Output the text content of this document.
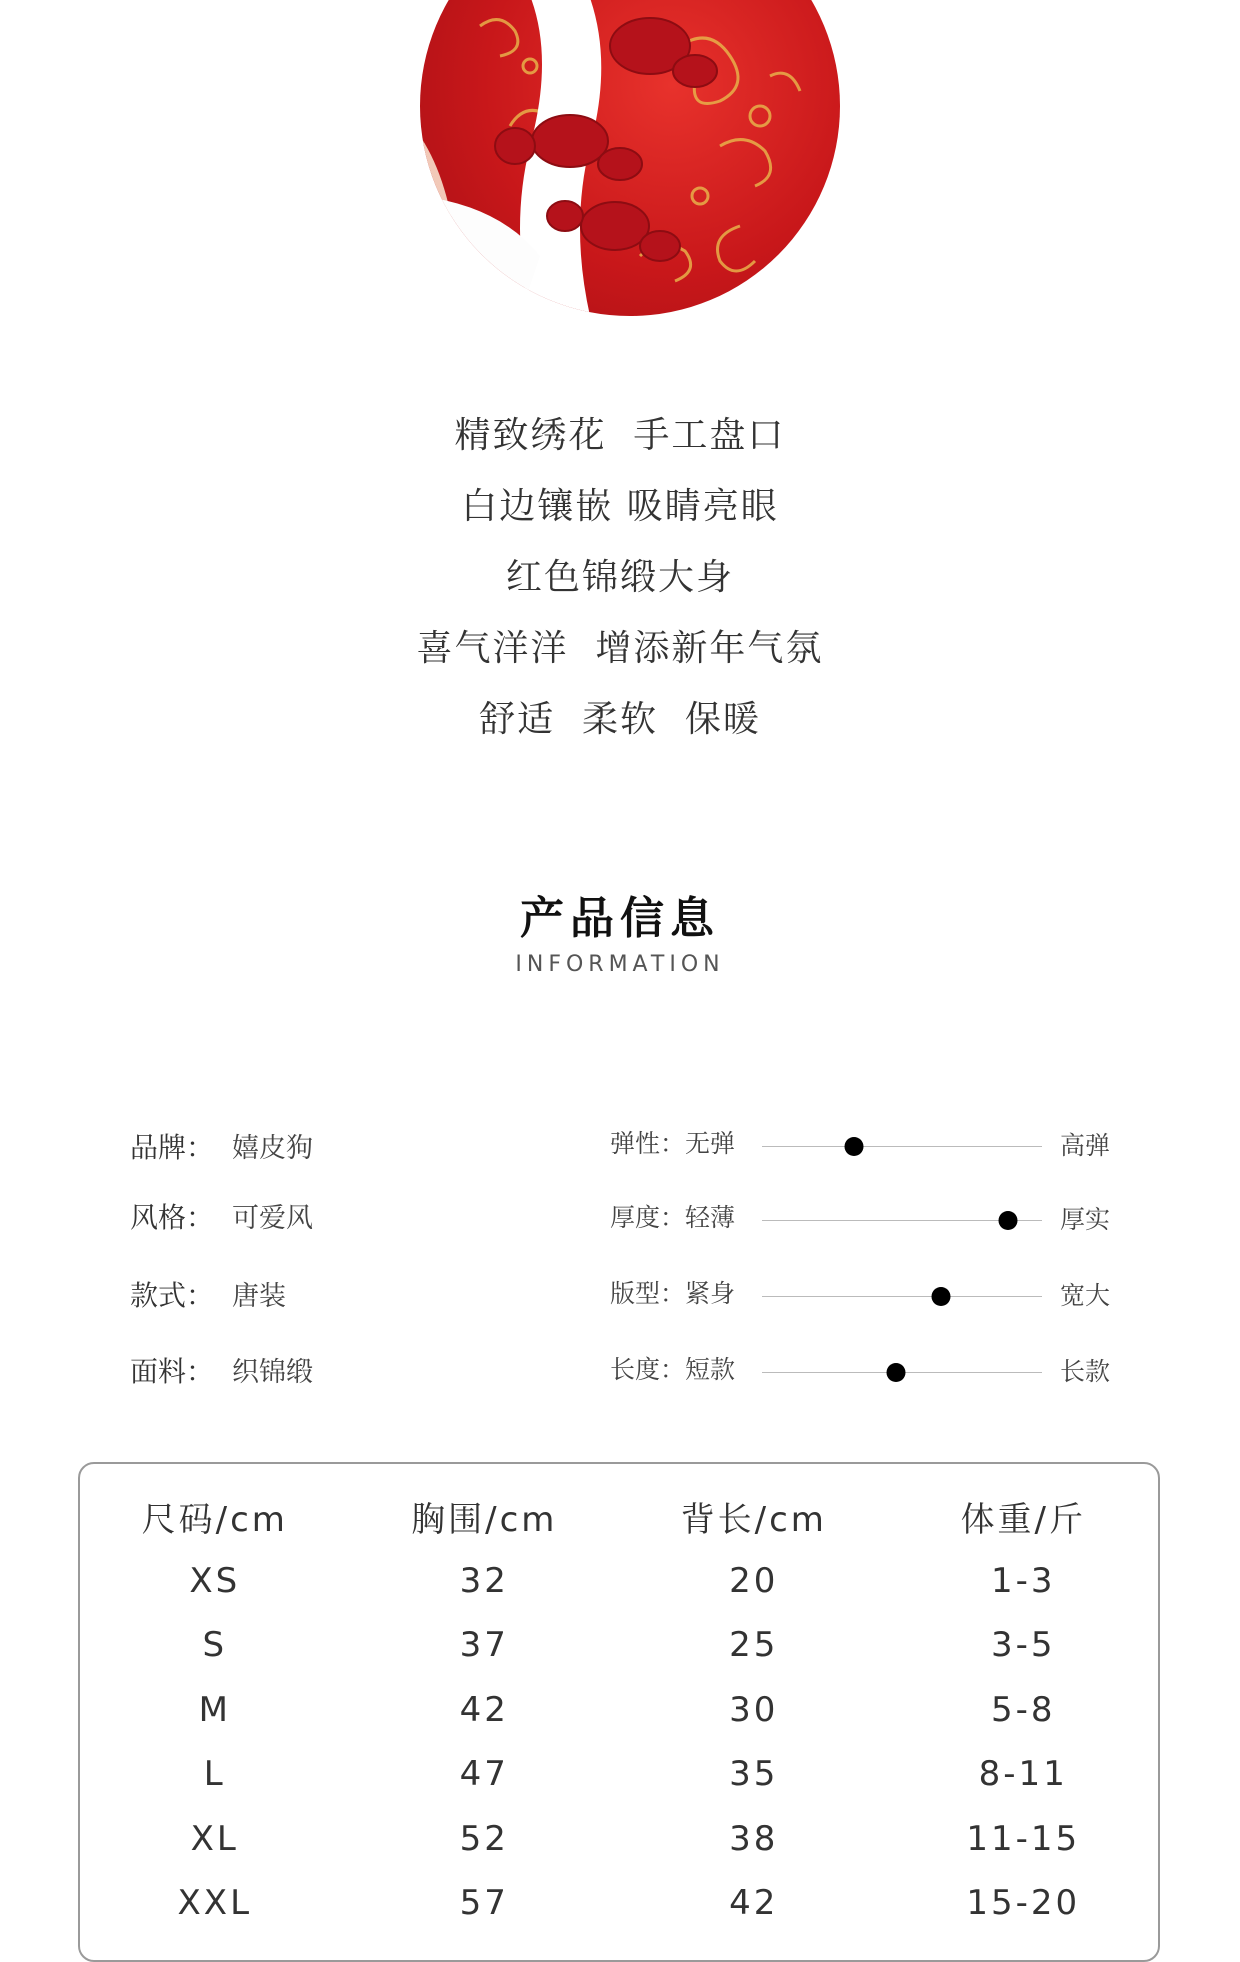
精致绣花  手工盘口
白边镶嵌 吸睛亮眼
红色锦缎大身
喜气洋洋  增添新年气氛
舒适  柔软  保暖
产品信息
INFORMATION
品牌： 嬉皮狗
风格： 可爱风
款式： 唐装
面料： 织锦缎
弹性：无弹	高弹
厚度：轻薄	厚实
版型：紧身	宽大
长度：短款	长款
尺码/cm	胸围/cm	背长/cm	体重/斤
XS	32	20	1-3
S	37	25	3-5
M	42	30	5-8
L	47	35	8-11
XL	52	38	11-15
XXL	57	42	15-20
